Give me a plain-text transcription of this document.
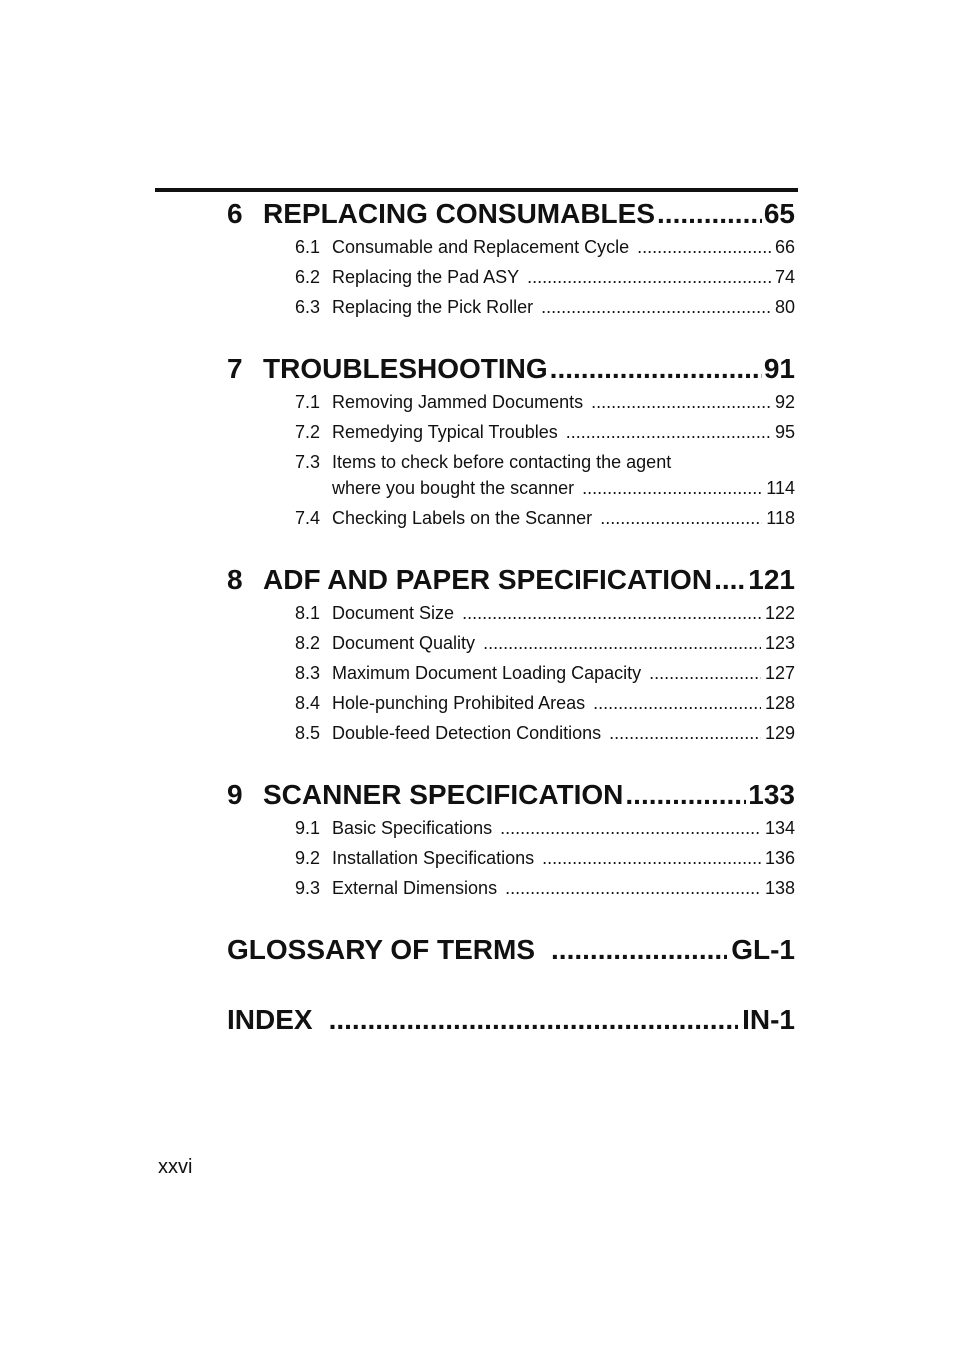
6 REPLACING CONSUMABLES .....	65
6.1 Consumable and Replacement Cycle .....	66
6.2 Replacing the Pad ASY .....	74
6.3 Replacing the Pick Roller .....	80
7 TROUBLESHOOTING .....	91
7.1 Removing Jammed Documents .....	92
7.2 Remedying Typical Troubles .....	95
7.3 Items to check before contacting the agent
where you bought the scanner .....	114
7.4 Checking Labels on the Scanner .....	118
8 ADF AND PAPER SPECIFICATION ..... 121
8.1 Document Size .....	122
8.2 Document Quality .....	123
8.3 Maximum Document Loading Capacity .....	127
8.4 Hole-punching Prohibited Areas .....	128
8.5 Double-feed Detection Conditions .....	129
9 SCANNER SPECIFICATION .....	133
9.1 Basic Specifications .....	134
9.2 Installation Specifications .....	136
9.3 External Dimensions .....	138
GLOSSARY OF TERMS .....	GL-1
INDEX .....	IN-1
xxvi
